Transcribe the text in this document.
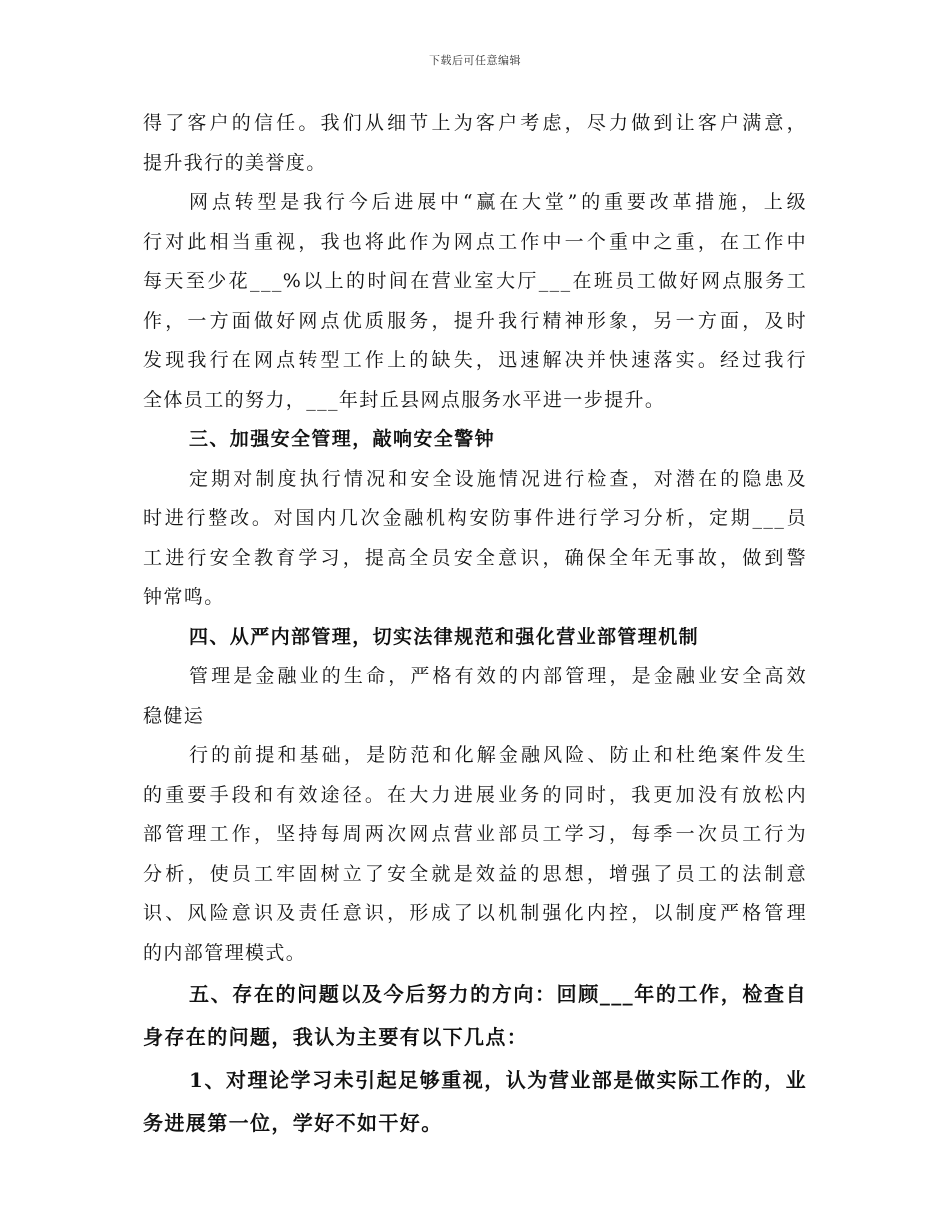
下载后可任意编辑
得了客户的信任。我们从细节上为客户考虑，尽力做到让客户满意，
提升我行的美誉度。
网点转型是我行今后进展中“赢在大堂”的重要改革措施，上级
行对此相当重视，我也将此作为网点工作中一个重中之重，在工作中
每天至少花___%以上的时间在营业室大厅___在班员工做好网点服务工
作，一方面做好网点优质服务，提升我行精神形象，另一方面，及时
发现我行在网点转型工作上的缺失，迅速解决并快速落实。经过我行
全体员工的努力，___年封丘县网点服务水平进一步提升。
三、加强安全管理，敲响安全警钟
定期对制度执行情况和安全设施情况进行检查，对潜在的隐患及
时进行整改。对国内几次金融机构安防事件进行学习分析，定期___员
工进行安全教育学习，提高全员安全意识，确保全年无事故，做到警
钟常鸣。
四、从严内部管理，切实法律规范和强化营业部管理机制
管理是金融业的生命，严格有效的内部管理，是金融业安全高效
稳健运
行的前提和基础，是防范和化解金融风险、防止和杜绝案件发生
的重要手段和有效途径。在大力进展业务的同时，我更加没有放松内
部管理工作，坚持每周两次网点营业部员工学习，每季一次员工行为
分析，使员工牢固树立了安全就是效益的思想，增强了员工的法制意
识、风险意识及责任意识，形成了以机制强化内控，以制度严格管理
的内部管理模式。
五、存在的问题以及今后努力的方向：回顾___年的工作，检查自
身存在的问题，我认为主要有以下几点：
1、对理论学习未引起足够重视，认为营业部是做实际工作的，业
务进展第一位，学好不如干好。
